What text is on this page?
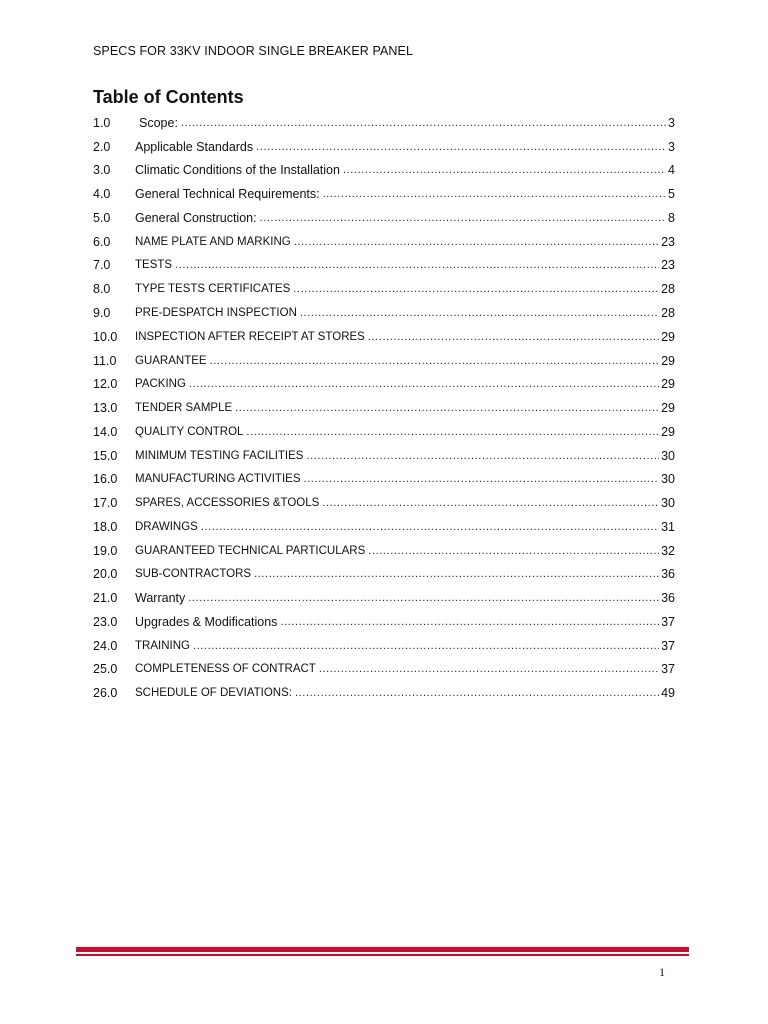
SPECS FOR 33KV INDOOR SINGLE BREAKER PANEL
Table of Contents
1.0	Scope: .....	3
2.0	Applicable Standards .....	3
3.0	Climatic Conditions of the Installation .....	4
4.0	General Technical Requirements: .....	5
5.0	General Construction: .....	8
6.0	NAME PLATE AND MARKING .....	23
7.0	TESTS .....	23
8.0	TYPE TESTS CERTIFICATES .....	28
9.0	PRE-DESPATCH INSPECTION .....	28
10.0	INSPECTION AFTER RECEIPT AT STORES .....	29
11.0	GUARANTEE .....	29
12.0	PACKING .....	29
13.0	TENDER SAMPLE .....	29
14.0	QUALITY CONTROL .....	29
15.0	MINIMUM TESTING FACILITIES .....	30
16.0	MANUFACTURING ACTIVITIES .....	30
17.0	SPARES, ACCESSORIES &TOOLS .....	30
18.0	DRAWINGS .....	31
19.0	GUARANTEED TECHNICAL PARTICULARS .....	32
20.0	SUB-CONTRACTORS .....	36
21.0	Warranty .....	36
23.0	Upgrades & Modifications .....	37
24.0	TRAINING .....	37
25.0	COMPLETENESS OF CONTRACT .....	37
26.0	SCHEDULE OF DEVIATIONS: .....	49
1
